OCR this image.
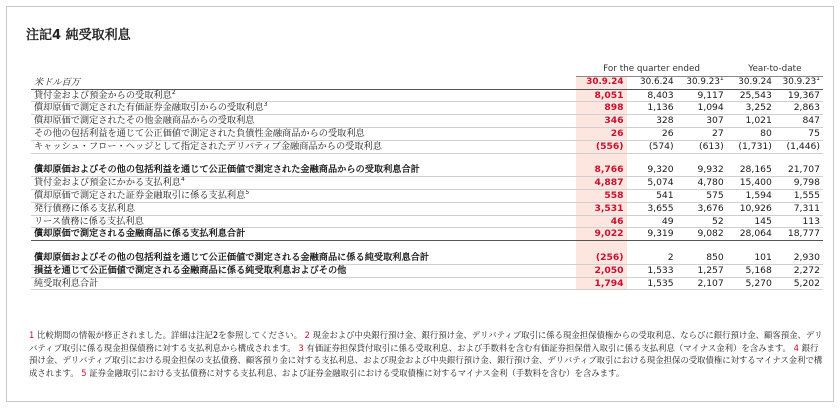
注記4 純受取利息
	For the quarter ended			Year-to-date	
米ドル百万	30.9.24	30.6.24	30.9.23$^1$	30.9.24	30.9.23$^1$
貸付金および預金からの受取利息$^2$	8,051	8,403	9,117	25,543	19,367
償却原価で測定された有価証券金融取引からの受取利息$^3$	898	1,136	1,094	3,252	2,863
償却原価で測定されたその他金融商品からの受取利息	346	328	307	1,021	847
その他の包括利益を通じて公正価値で測定された負債性金融商品からの受取利息	26	26	27	80	75
キャッシュ・フロー・ヘッジとして指定されたデリバティブ金融商品からの受取利息	(556)	(574)	(613)	(1,731)	(1,446)
償却原価およびその他の包括利益を通じて公正価値で測定された金融商品からの受取利息合計	8,766	9,320	9,932	28,165	21,707
貸付金および預金にかかる支払利息$^4$	4,887	5,074	4,780	15,400	9,798
償却原価で測定された証券金融取引に係る支払利息$^5$	558	541	575	1,594	1,555
発行債務に係る支払利息	3,531	3,655	3,676	10,926	7,311
リース債務に係る支払利息	46	49	52	145	113
償却原価で測定される金融商品に係る支払利息合計	9,022	9,319	9,082	28,064	18,777
償却原価およびその他の包括利益を通じて公正価値で測定される金融商品に係る純受取利息合計	(256)	2	850	101	2,930
損益を通じて公正価値で測定される金融商品に係る純受取利息およびその他	2,050	1,533	1,257	5,168	2,272
純受取利息合計	1,794	1,535	2,107	5,270	5,202
1 比較期間の情報が修正されました。詳細は注記2を参照してください。 2 現金および中央銀行預け金、銀行預け金、デリバティブ取引に係る現金担保債権からの受取利息、ならびに銀行預け金、顧客預金、デリバティブ取引に係る現金担保債務に対する支払利息から構成されます。 3 有価証券担保貸付取引に係る受取利息、および手数料を含む有価証券担保借入取引に係る支払利息（マイナス金利）を含みます。 4 銀行預け金、デリバティブ取引における現金担保の支払債務、顧客預り金に対する支払利息、および現金および中央銀行預け金、銀行預け金、デリバティブ取引における現金担保の受取債権に対するマイナス金利で構成されます。 5 証券金融取引における支払債務に対する支払利息、および証券金融取引における受取債権に対するマイナス金利（手数料を含む）を含みます。
